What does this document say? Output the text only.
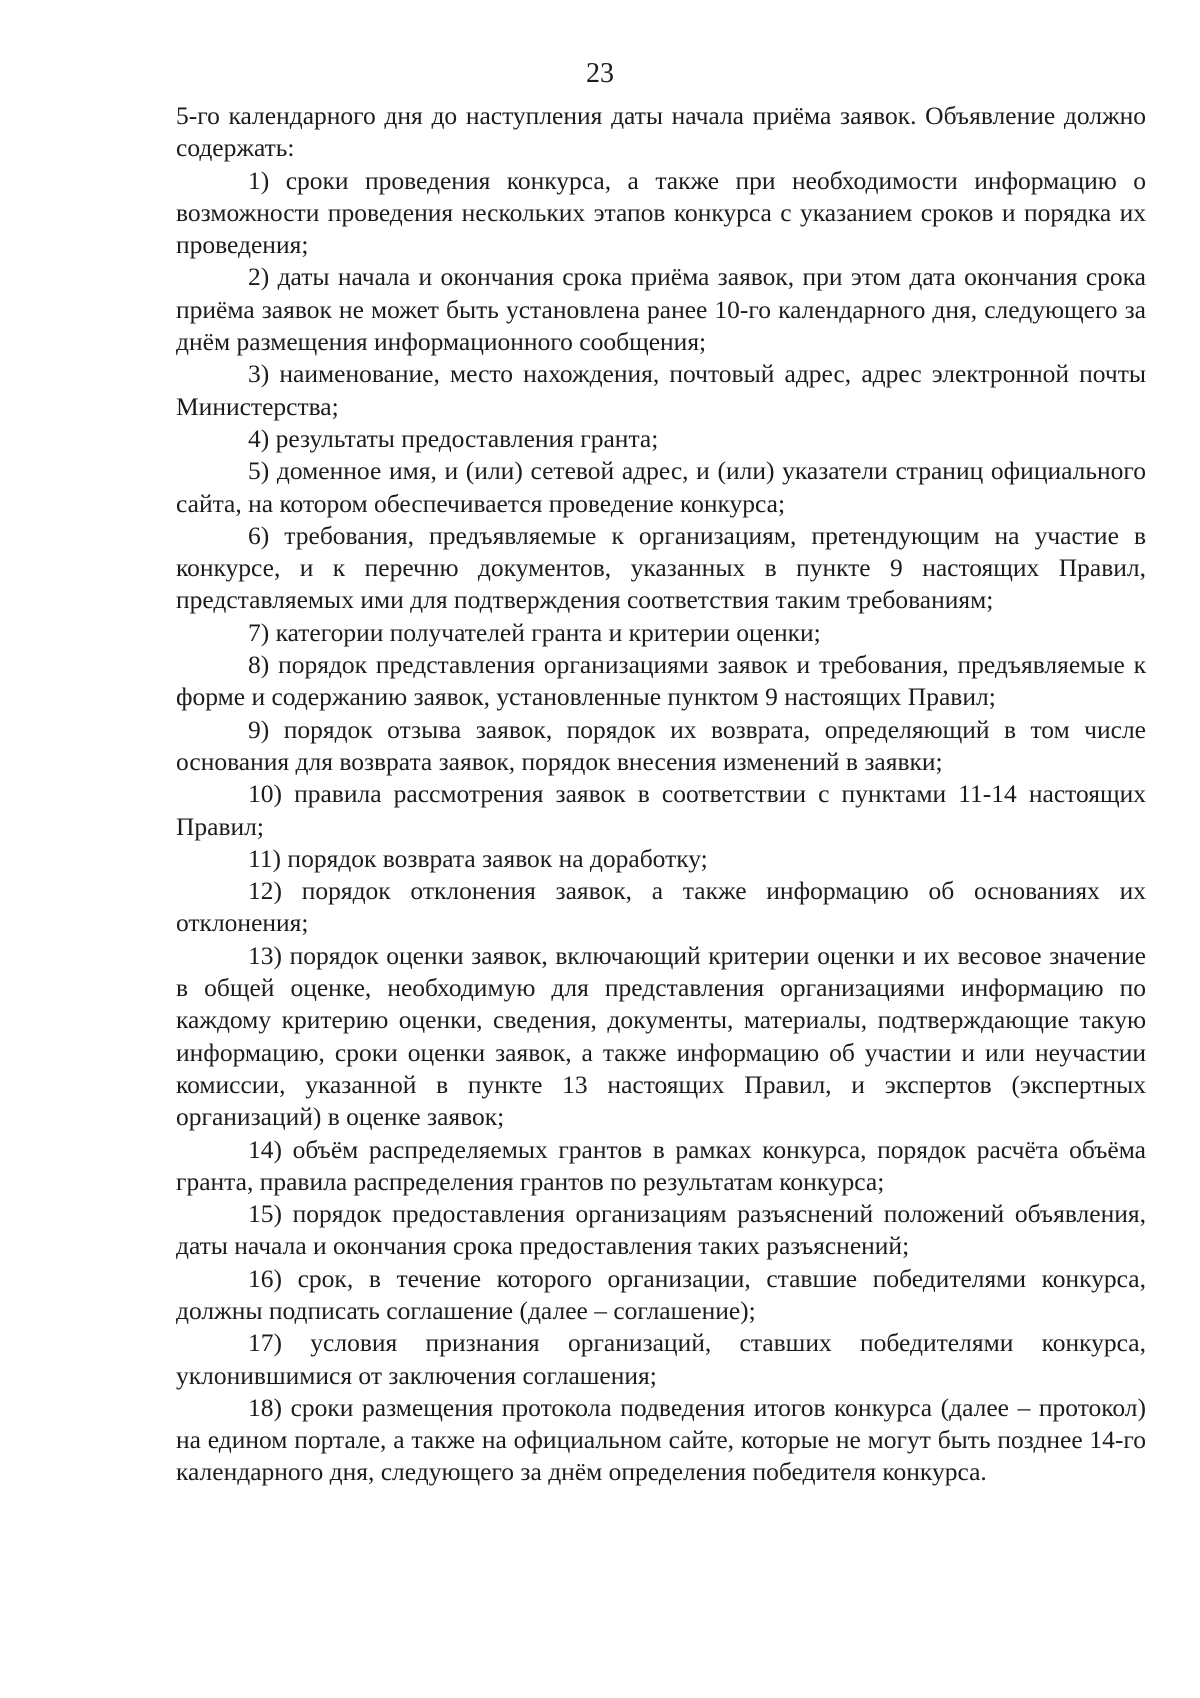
23

5-го календарного дня до наступления даты начала приёма заявок. Объявление должно содержать:

1) сроки проведения конкурса, а также при необходимости информацию о возможности проведения нескольких этапов конкурса с указанием сроков и порядка их проведения;

2) даты начала и окончания срока приёма заявок, при этом дата окончания срока приёма заявок не может быть установлена ранее 10-го календарного дня, следующего за днём размещения информационного сообщения;

3) наименование, место нахождения, почтовый адрес, адрес электронной почты Министерства;

4) результаты предоставления гранта;

5) доменное имя, и (или) сетевой адрес, и (или) указатели страниц официального сайта, на котором обеспечивается проведение конкурса;

6) требования, предъявляемые к организациям, претендующим на участие в конкурсе, и к перечню документов, указанных в пункте 9 настоящих Правил, представляемых ими для подтверждения соответствия таким требованиям;

7) категории получателей гранта и критерии оценки;

8) порядок представления организациями заявок и требования, предъявляемые к форме и содержанию заявок, установленные пунктом 9 настоящих Правил;

9) порядок отзыва заявок, порядок их возврата, определяющий в том числе основания для возврата заявок, порядок внесения изменений в заявки;

10) правила рассмотрения заявок в соответствии с пунктами 11-14 настоящих Правил;

11) порядок возврата заявок на доработку;

12) порядок отклонения заявок, а также информацию об основаниях их отклонения;

13) порядок оценки заявок, включающий критерии оценки и их весовое значение в общей оценке, необходимую для представления организациями информацию по каждому критерию оценки, сведения, документы, материалы, подтверждающие такую информацию, сроки оценки заявок, а также информацию об участии и или неучастии комиссии, указанной в пункте 13 настоящих Правил, и экспертов (экспертных организаций) в оценке заявок;

14) объём распределяемых грантов в рамках конкурса, порядок расчёта объёма гранта, правила распределения грантов по результатам конкурса;

15) порядок предоставления организациям разъяснений положений объявления, даты начала и окончания срока предоставления таких разъяснений;

16) срок, в течение которого организации, ставшие победителями конкурса, должны подписать соглашение (далее – соглашение);

17) условия признания организаций, ставших победителями конкурса, уклонившимися от заключения соглашения;

18) сроки размещения протокола подведения итогов конкурса (далее – протокол) на едином портале, а также на официальном сайте, которые не могут быть позднее 14-го календарного дня, следующего за днём определения победителя конкурса.
